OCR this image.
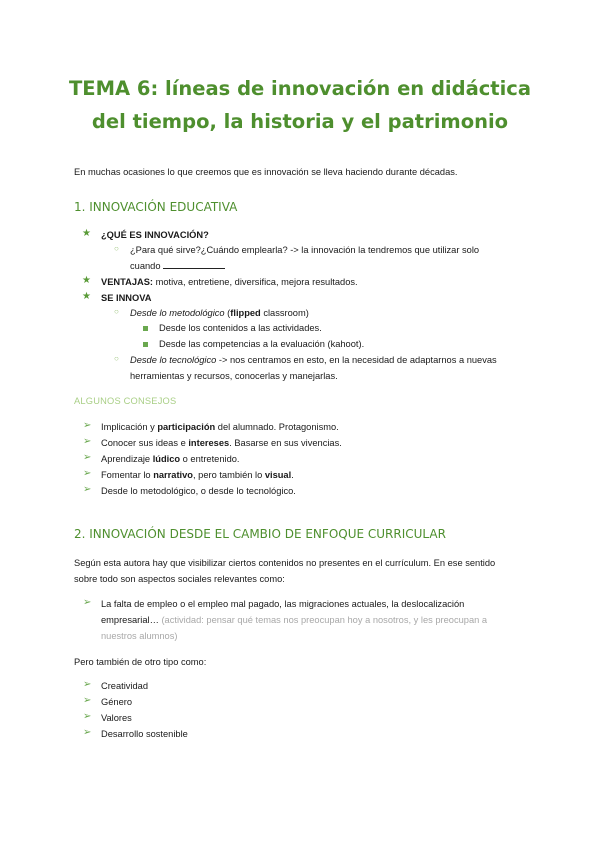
TEMA 6: líneas de innovación en didáctica
del tiempo, la historia y el patrimonio

En muchas ocasiones lo que creemos que es innovación se lleva haciendo durante décadas.

1. INNOVACIÓN EDUCATIVA

★ ¿QUÉ ES INNOVACIÓN?
○ ¿Para qué sirve?¿Cuándo emplearla? -> la innovación la tendremos que utilizar solo
cuando
★ VENTAJAS: motiva, entretiene, diversifica, mejora resultados.
★ SE INNOVA
○ Desde lo metodológico (flipped classroom)
Desde los contenidos a las actividades.
Desde las competencias a la evaluación (kahoot).
○ Desde lo tecnológico -> nos centramos en esto, en la necesidad de adaptarnos a nuevas
herramientas y recursos, conocerlas y manejarlas.

ALGUNOS CONSEJOS

➢ Implicación y participación del alumnado. Protagonismo.
➢ Conocer sus ideas e intereses. Basarse en sus vivencias.
➢ Aprendizaje lúdico o entretenido.
➢ Fomentar lo narrativo, pero también lo visual.
➢ Desde lo metodológico, o desde lo tecnológico.

2. INNOVACIÓN DESDE EL CAMBIO DE ENFOQUE CURRICULAR

Según esta autora hay que visibilizar ciertos contenidos no presentes en el currículum. En ese sentido
sobre todo son aspectos sociales relevantes como:
➢ La falta de empleo o el empleo mal pagado, las migraciones actuales, la deslocalización
empresarial… (actividad: pensar qué temas nos preocupan hoy a nosotros, y les preocupan a
nuestros alumnos)
Pero también de otro tipo como:
➢ Creatividad
➢ Género
➢ Valores
➢ Desarrollo sostenible
